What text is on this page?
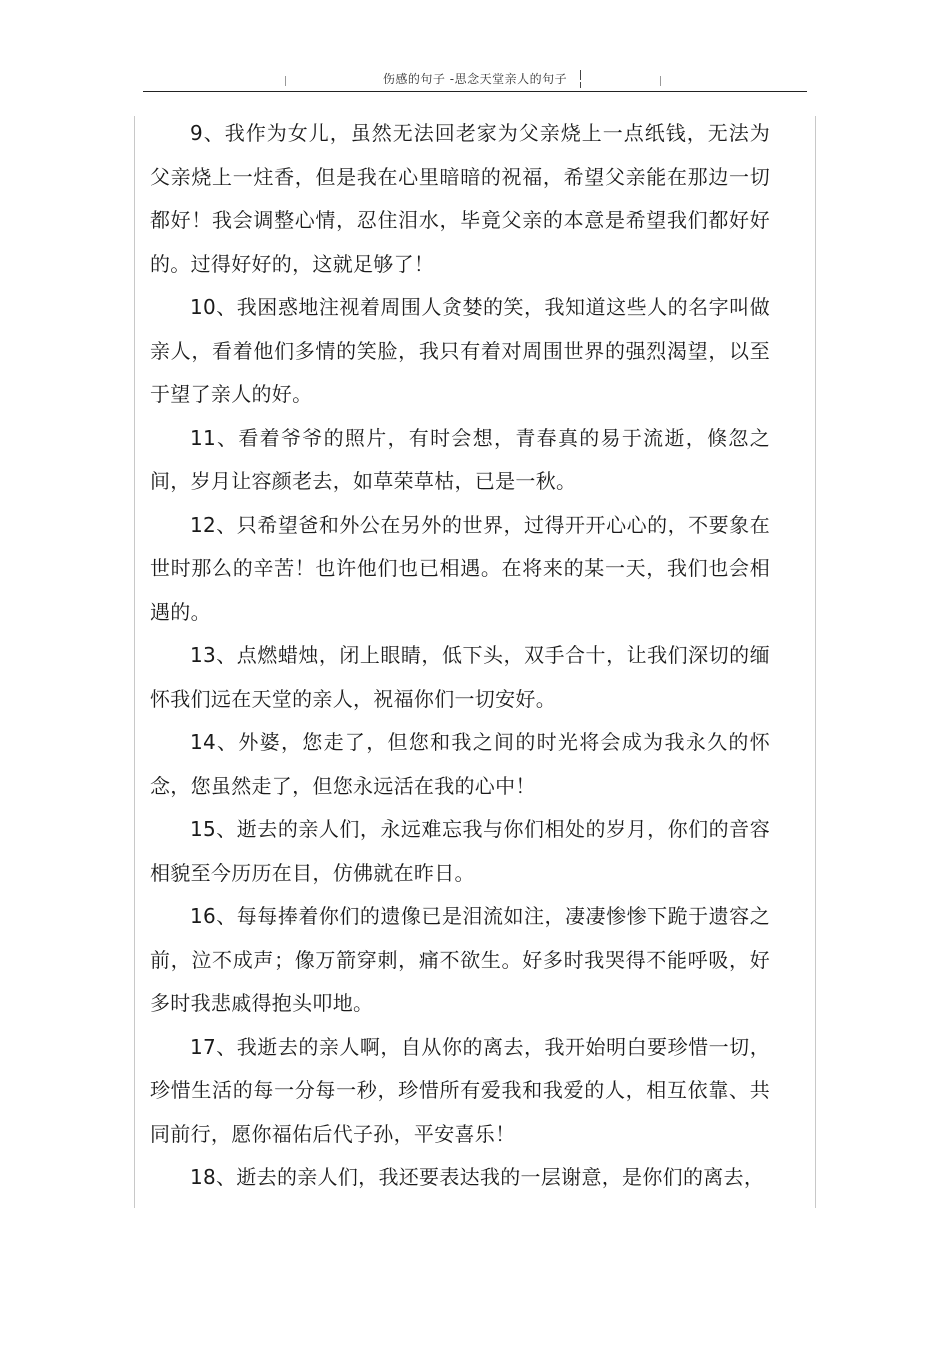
伤感的句子 -思念天堂亲人的句子

9、我作为女儿，虽然无法回老家为父亲烧上一点纸钱，无法为父亲烧上一炷香，但是我在心里暗暗的祝福，希望父亲能在那边一切都好！我会调整心情，忍住泪水，毕竟父亲的本意是希望我们都好好的。过得好好的，这就足够了！

10、我困惑地注视着周围人贪婪的笑，我知道这些人的名字叫做亲人，看着他们多情的笑脸，我只有着对周围世界的强烈渴望，以至于望了亲人的好。

11、看着爷爷的照片，有时会想，青春真的易于流逝，倏忽之间，岁月让容颜老去，如草荣草枯，已是一秋。

12、只希望爸和外公在另外的世界，过得开开心心的，不要象在世时那么的辛苦！也许他们也已相遇。在将来的某一天，我们也会相遇的。

13、点燃蜡烛，闭上眼睛，低下头，双手合十，让我们深切的缅怀我们远在天堂的亲人，祝福你们一切安好。

14、外婆，您走了，但您和我之间的时光将会成为我永久的怀念，您虽然走了，但您永远活在我的心中！

15、逝去的亲人们，永远难忘我与你们相处的岁月，你们的音容相貌至今历历在目，仿佛就在昨日。

16、每每捧着你们的遗像已是泪流如注，凄凄惨惨下跪于遗容之前，泣不成声；像万箭穿刺，痛不欲生。好多时我哭得不能呼吸，好多时我悲戚得抱头叩地。

17、我逝去的亲人啊，自从你的离去，我开始明白要珍惜一切，珍惜生活的每一分每一秒，珍惜所有爱我和我爱的人，相互依靠、共同前行，愿你福佑后代子孙，平安喜乐！

18、逝去的亲人们，我还要表达我的一层谢意，是你们的离去，
